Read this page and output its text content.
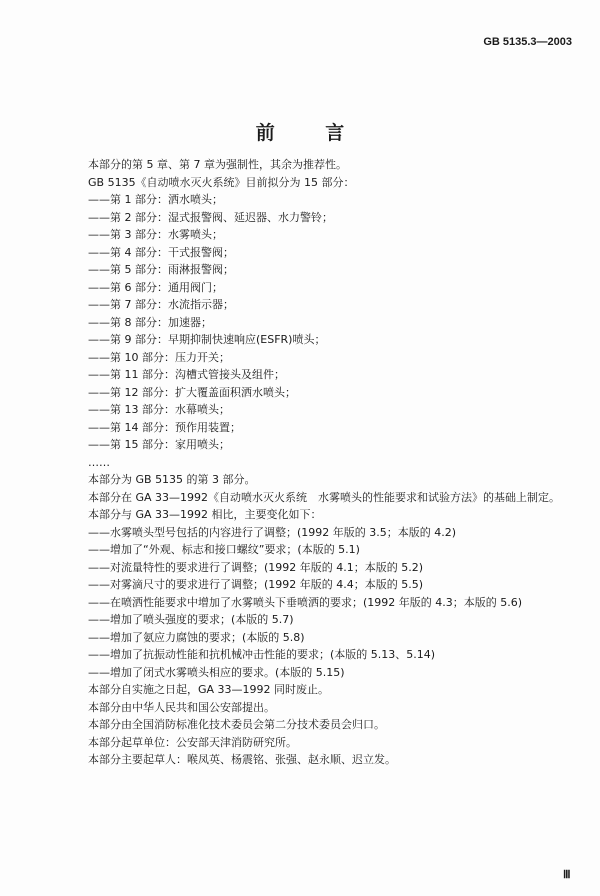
GB 5135.3—2003
前 言
本部分的第 5 章、第 7 章为强制性，其余为推荐性。
GB 5135《自动喷水灭火系统》目前拟分为 15 部分：
——第 1 部分：洒水喷头；
——第 2 部分：湿式报警阀、延迟器、水力警铃；
——第 3 部分：水雾喷头；
——第 4 部分：干式报警阀；
——第 5 部分：雨淋报警阀；
——第 6 部分：通用阀门；
——第 7 部分：水流指示器；
——第 8 部分：加速器；
——第 9 部分：早期抑制快速响应(ESFR)喷头；
——第 10 部分：压力开关；
——第 11 部分：沟槽式管接头及组件；
——第 12 部分：扩大覆盖面积洒水喷头；
——第 13 部分：水幕喷头；
——第 14 部分：预作用装置；
——第 15 部分：家用喷头；
……
本部分为 GB 5135 的第 3 部分。
本部分在 GA 33—1992《自动喷水灭火系统　水雾喷头的性能要求和试验方法》的基础上制定。
本部分与 GA 33—1992 相比，主要变化如下：
——水雾喷头型号包括的内容进行了调整；(1992 年版的 3.5；本版的 4.2)
——增加了“外观、标志和接口螺纹”要求；(本版的 5.1)
——对流量特性的要求进行了调整；(1992 年版的 4.1；本版的 5.2)
——对雾滴尺寸的要求进行了调整；(1992 年版的 4.4；本版的 5.5)
——在喷洒性能要求中增加了水雾喷头下垂喷洒的要求；(1992 年版的 4.3；本版的 5.6)
——增加了喷头强度的要求；(本版的 5.7)
——增加了氨应力腐蚀的要求；(本版的 5.8)
——增加了抗振动性能和抗机械冲击性能的要求；(本版的 5.13、5.14)
——增加了闭式水雾喷头相应的要求。(本版的 5.15)
本部分自实施之日起，GA 33—1992 同时废止。
本部分由中华人民共和国公安部提出。
本部分由全国消防标准化技术委员会第二分技术委员会归口。
本部分起草单位：公安部天津消防研究所。
本部分主要起草人：喉凤英、杨震铭、张强、赵永顺、迟立发。
Ⅲ
